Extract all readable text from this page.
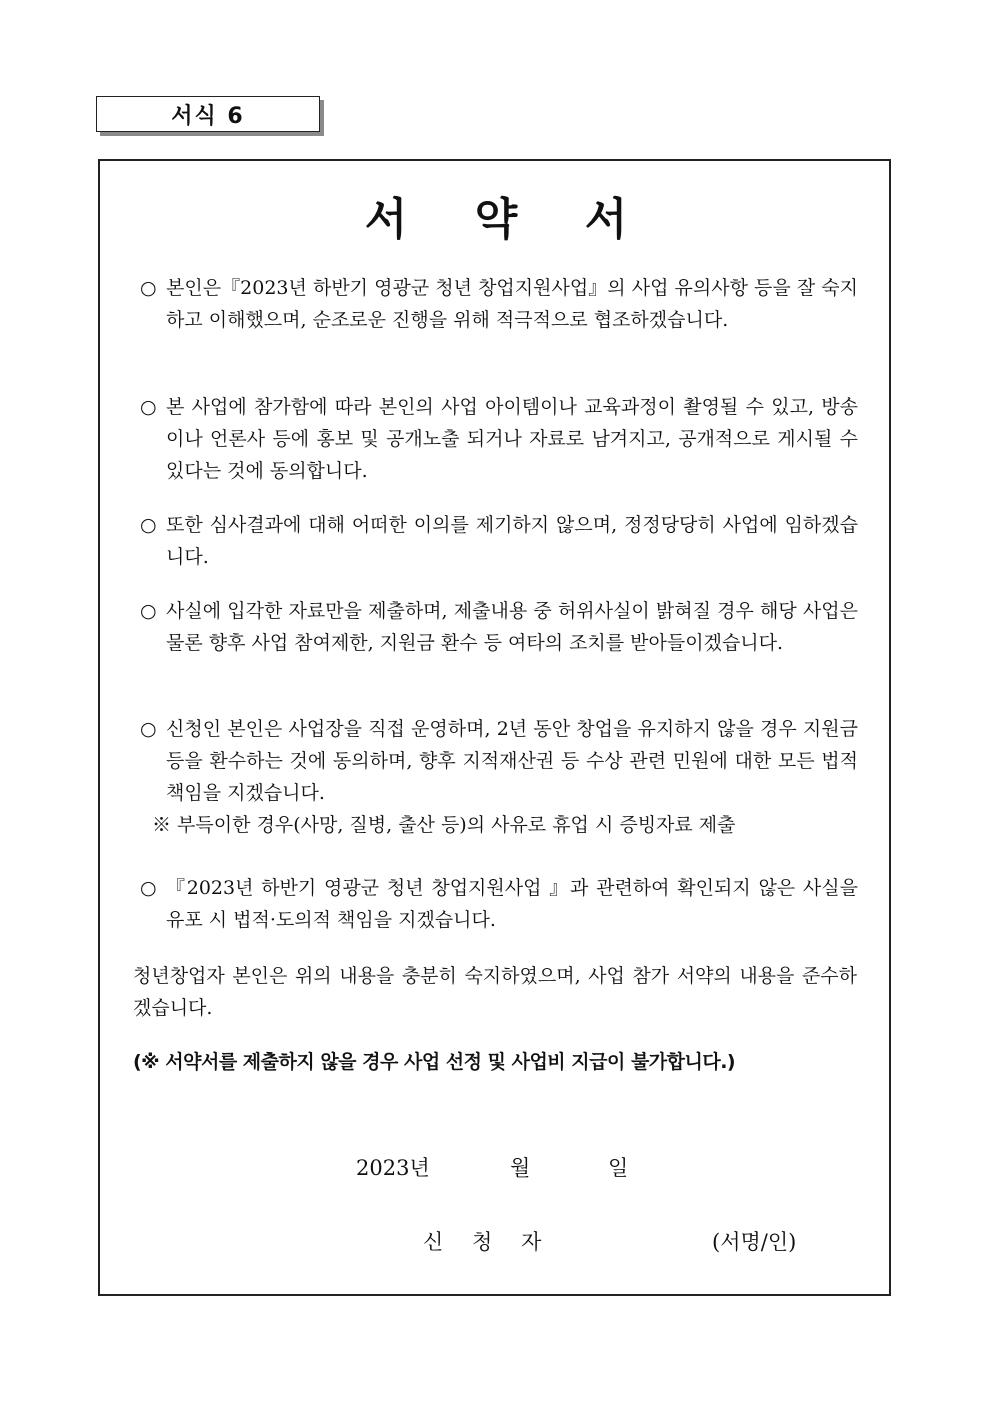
서식 6
서 약 서
○ 본인은『2023년 하반기 영광군 청년 창업지원사업』의 사업 유의사항 등을 잘 숙지하고 이해했으며, 순조로운 진행을 위해 적극적으로 협조하겠습니다.
○ 본 사업에 참가함에 따라 본인의 사업 아이템이나 교육과정이 촬영될 수 있고, 방송이나 언론사 등에 홍보 및 공개노출 되거나 자료로 남겨지고, 공개적으로 게시될 수 있다는 것에 동의합니다.
○ 또한 심사결과에 대해 어떠한 이의를 제기하지 않으며, 정정당당히 사업에 임하겠습니다.
○ 사실에 입각한 자료만을 제출하며, 제출내용 중 허위사실이 밝혀질 경우 해당 사업은 물론 향후 사업 참여제한, 지원금 환수 등 여타의 조치를 받아들이겠습니다.
○ 신청인 본인은 사업장을 직접 운영하며, 2년 동안 창업을 유지하지 않을 경우 지원금 등을 환수하는 것에 동의하며, 향후 지적재산권 등 수상 관련 민원에 대한 모든 법적 책임을 지겠습니다.
※ 부득이한 경우(사망, 질병, 출산 등)의 사유로 휴업 시 증빙자료 제출
○ 『2023년 하반기 영광군 청년 창업지원사업 』과 관련하여 확인되지 않은 사실을 유포 시 법적·도의적 책임을 지겠습니다.
청년창업자 본인은 위의 내용을 충분히 숙지하였으며, 사업 참가 서약의 내용을 준수하겠습니다.
(※ 서약서를 제출하지 않을 경우 사업 선정 및 사업비 지급이 불가합니다.)
2023년	월	일
신 청 자	(서명/인)
